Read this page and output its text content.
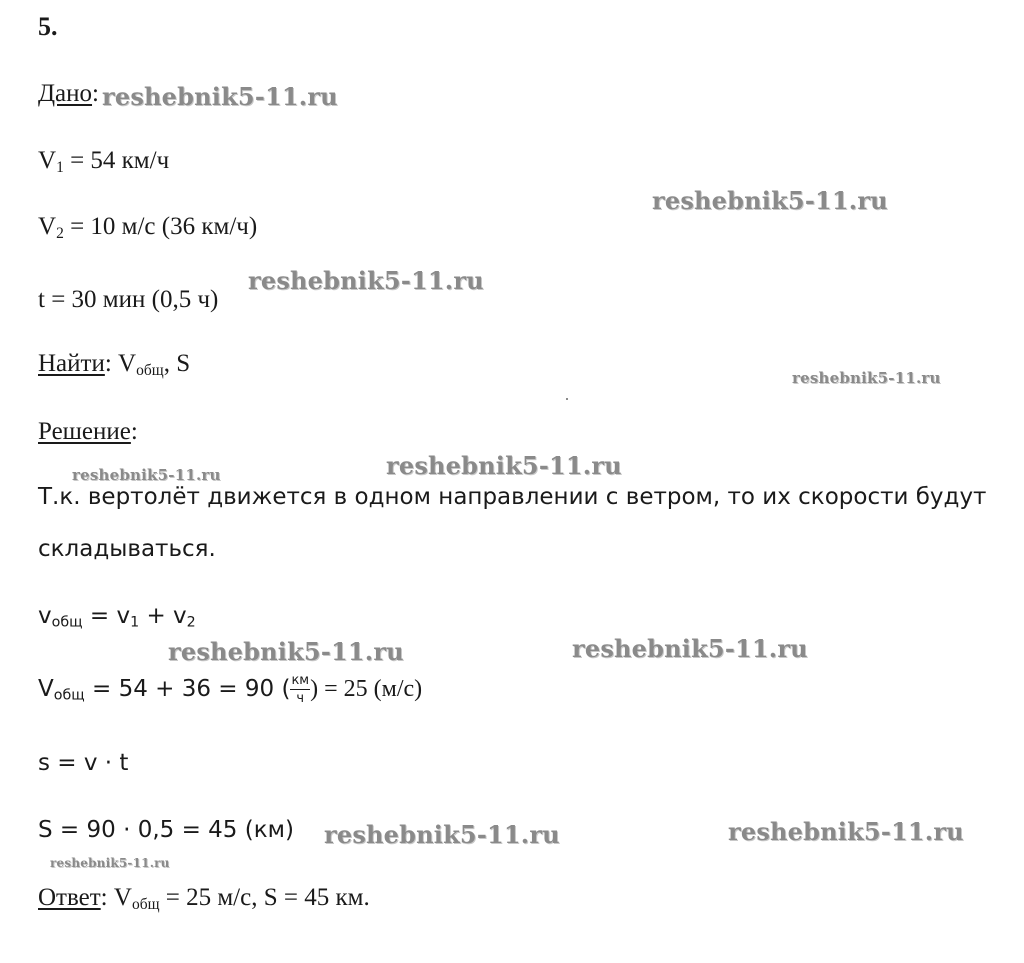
5.
Дано:
$V_1 = 54$ км/ч
$V_2 = 10$ м/с (36 км/ч)
t = 30 мин (0,5 ч)
Найти: $V_{общ}$, S
Решение:
Т.к. вертолёт движется в одном направлении с ветром, то их скорости будут
складываться.
$v_{общ} = v_1 + v_2$
$V_{общ} = 54 + 36 = 90$ ( $\frac{км}{ч}$ ) = 25 (м/с)
s = v · t
S = 90 · 0,5 = 45 (км)
Ответ: $V_{общ} = 25$ м/с, S = 45 км.
reshebnik5-11.ru
reshebnik5-11.ru
reshebnik5-11.ru
reshebnik5-11.ru
reshebnik5-11.ru
reshebnik5-11.ru
reshebnik5-11.ru	reshebnik5-11.ru
reshebnik5-11.ru	reshebnik5-11.ru
reshebnik5-11.ru
